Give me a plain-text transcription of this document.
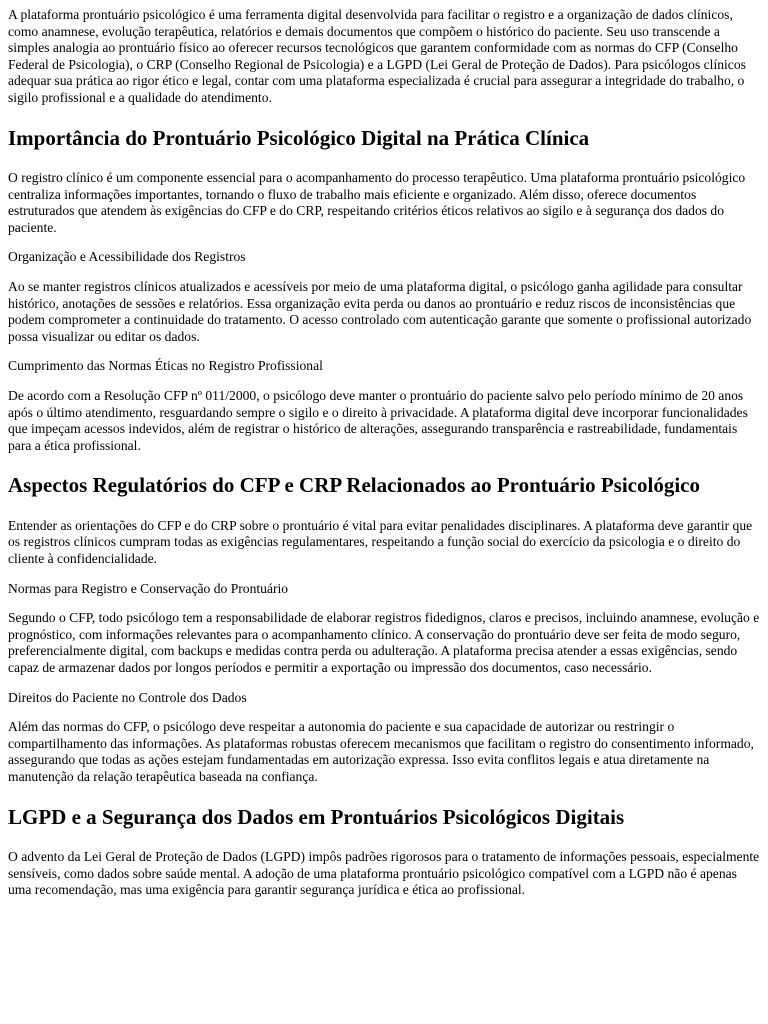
A plataforma prontuário psicológico é uma ferramenta digital desenvolvida para facilitar o registro e a organização de dados clínicos, como anamnese, evolução terapêutica, relatórios e demais documentos que compõem o histórico do paciente. Seu uso transcende a simples analogia ao prontuário físico ao oferecer recursos tecnológicos que garantem conformidade com as normas do CFP (Conselho Federal de Psicologia), o CRP (Conselho Regional de Psicologia) e a LGPD (Lei Geral de Proteção de Dados). Para psicólogos clínicos adequar sua prática ao rigor ético e legal, contar com uma plataforma especializada é crucial para assegurar a integridade do trabalho, o sigilo profissional e a qualidade do atendimento.

Importância do Prontuário Psicológico Digital na Prática Clínica

O registro clínico é um componente essencial para o acompanhamento do processo terapêutico. Uma plataforma prontuário psicológico centraliza informações importantes, tornando o fluxo de trabalho mais eficiente e organizado. Além disso, oferece documentos estruturados que atendem às exigências do CFP e do CRP, respeitando critérios éticos relativos ao sigilo e à segurança dos dados do paciente.

Organização e Acessibilidade dos Registros

Ao se manter registros clínicos atualizados e acessíveis por meio de uma plataforma digital, o psicólogo ganha agilidade para consultar histórico, anotações de sessões e relatórios. Essa organização evita perda ou danos ao prontuário e reduz riscos de inconsistências que podem comprometer a continuidade do tratamento. O acesso controlado com autenticação garante que somente o profissional autorizado possa visualizar ou editar os dados.

Cumprimento das Normas Éticas no Registro Profissional

De acordo com a Resolução CFP nº 011/2000, o psicólogo deve manter o prontuário do paciente salvo pelo período mínimo de 20 anos após o último atendimento, resguardando sempre o sigilo e o direito à privacidade. A plataforma digital deve incorporar funcionalidades que impeçam acessos indevidos, além de registrar o histórico de alterações, assegurando transparência e rastreabilidade, fundamentais para a ética profissional.

Aspectos Regulatórios do CFP e CRP Relacionados ao Prontuário Psicológico

Entender as orientações do CFP e do CRP sobre o prontuário é vital para evitar penalidades disciplinares. A plataforma deve garantir que os registros clínicos cumpram todas as exigências regulamentares, respeitando a função social do exercício da psicologia e o direito do cliente à confidencialidade.

Normas para Registro e Conservação do Prontuário

Segundo o CFP, todo psicólogo tem a responsabilidade de elaborar registros fidedignos, claros e precisos, incluindo anamnese, evolução e prognóstico, com informações relevantes para o acompanhamento clínico. A conservação do prontuário deve ser feita de modo seguro, preferencialmente digital, com backups e medidas contra perda ou adulteração. A plataforma precisa atender a essas exigências, sendo capaz de armazenar dados por longos períodos e permitir a exportação ou impressão dos documentos, caso necessário.

Direitos do Paciente no Controle dos Dados

Além das normas do CFP, o psicólogo deve respeitar a autonomia do paciente e sua capacidade de autorizar ou restringir o compartilhamento das informações. As plataformas robustas oferecem mecanismos que facilitam o registro do consentimento informado, assegurando que todas as ações estejam fundamentadas em autorização expressa. Isso evita conflitos legais e atua diretamente na manutenção da relação terapêutica baseada na confiança.

LGPD e a Segurança dos Dados em Prontuários Psicológicos Digitais

O advento da Lei Geral de Proteção de Dados (LGPD) impôs padrões rigorosos para o tratamento de informações pessoais, especialmente sensíveis, como dados sobre saúde mental. A adoção de uma plataforma prontuário psicológico compatível com a LGPD não é apenas uma recomendação, mas uma exigência para garantir segurança jurídica e ética ao profissional.
